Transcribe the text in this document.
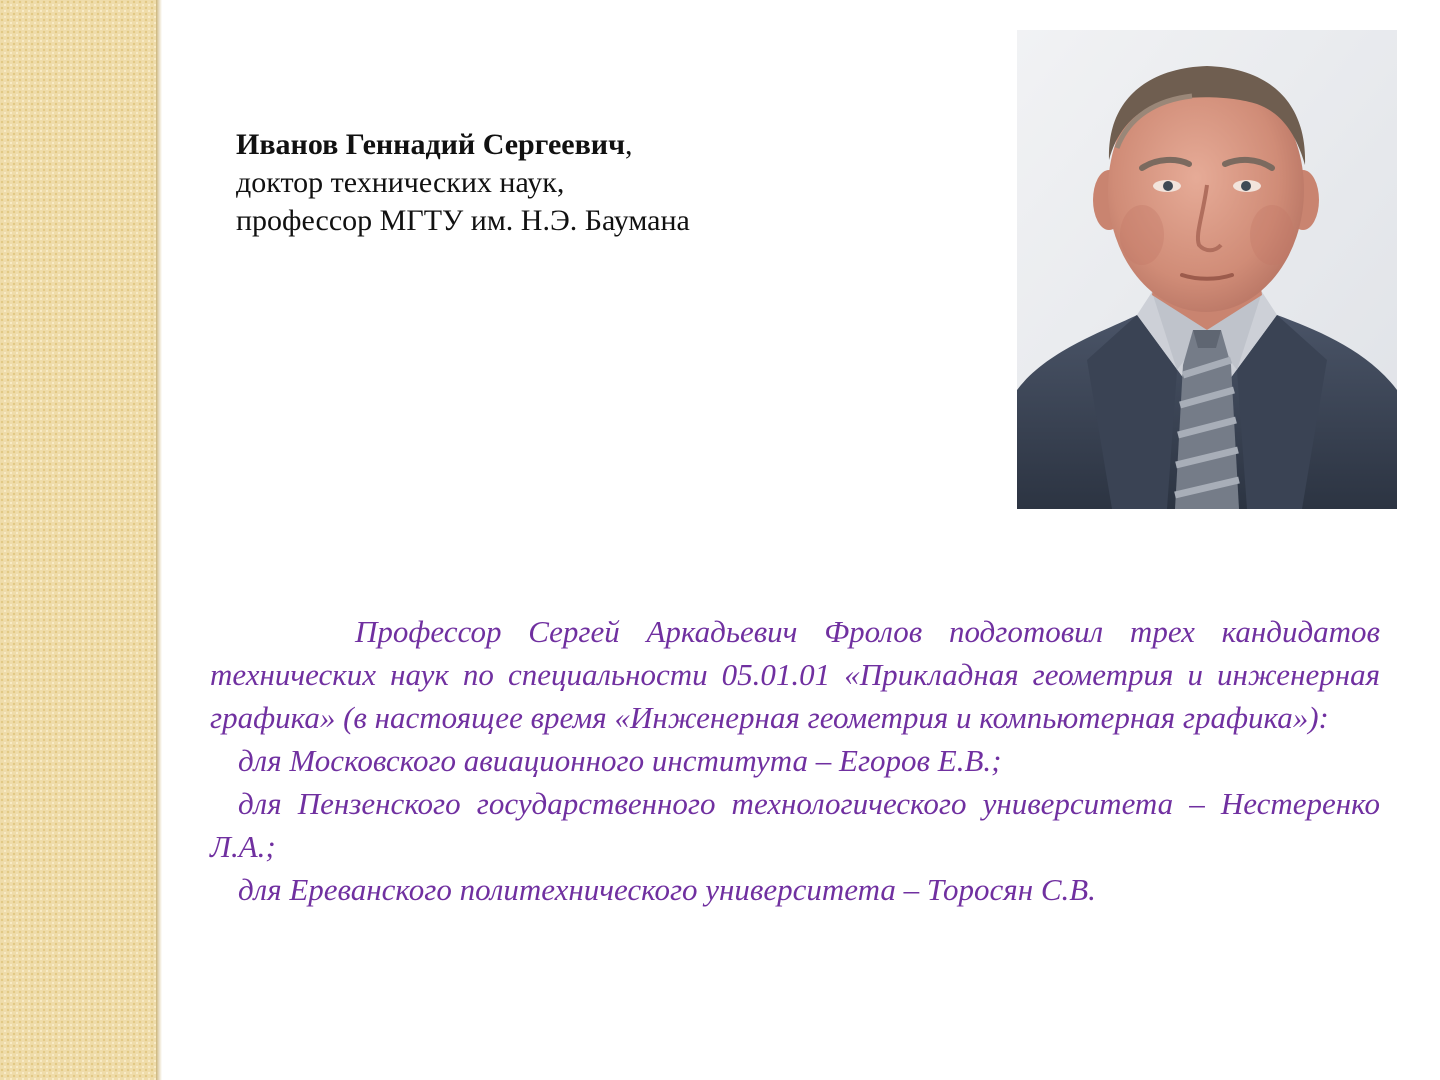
Иванов Геннадий Сергеевич,
доктор технических наук,
профессор МГТУ им. Н.Э. Баумана

Профессор Сергей Аркадьевич Фролов подготовил трех кандидатов технических наук по специальности 05.01.01 «Прикладная геометрия и инженерная графика» (в настоящее время «Инженерная геометрия и компьютерная графика»):

для Московского авиационного института – Егоров Е.В.;

для Пензенского государственного технологического университета – Нестеренко Л.А.;

для Ереванского политехнического университета – Торосян С.В.
